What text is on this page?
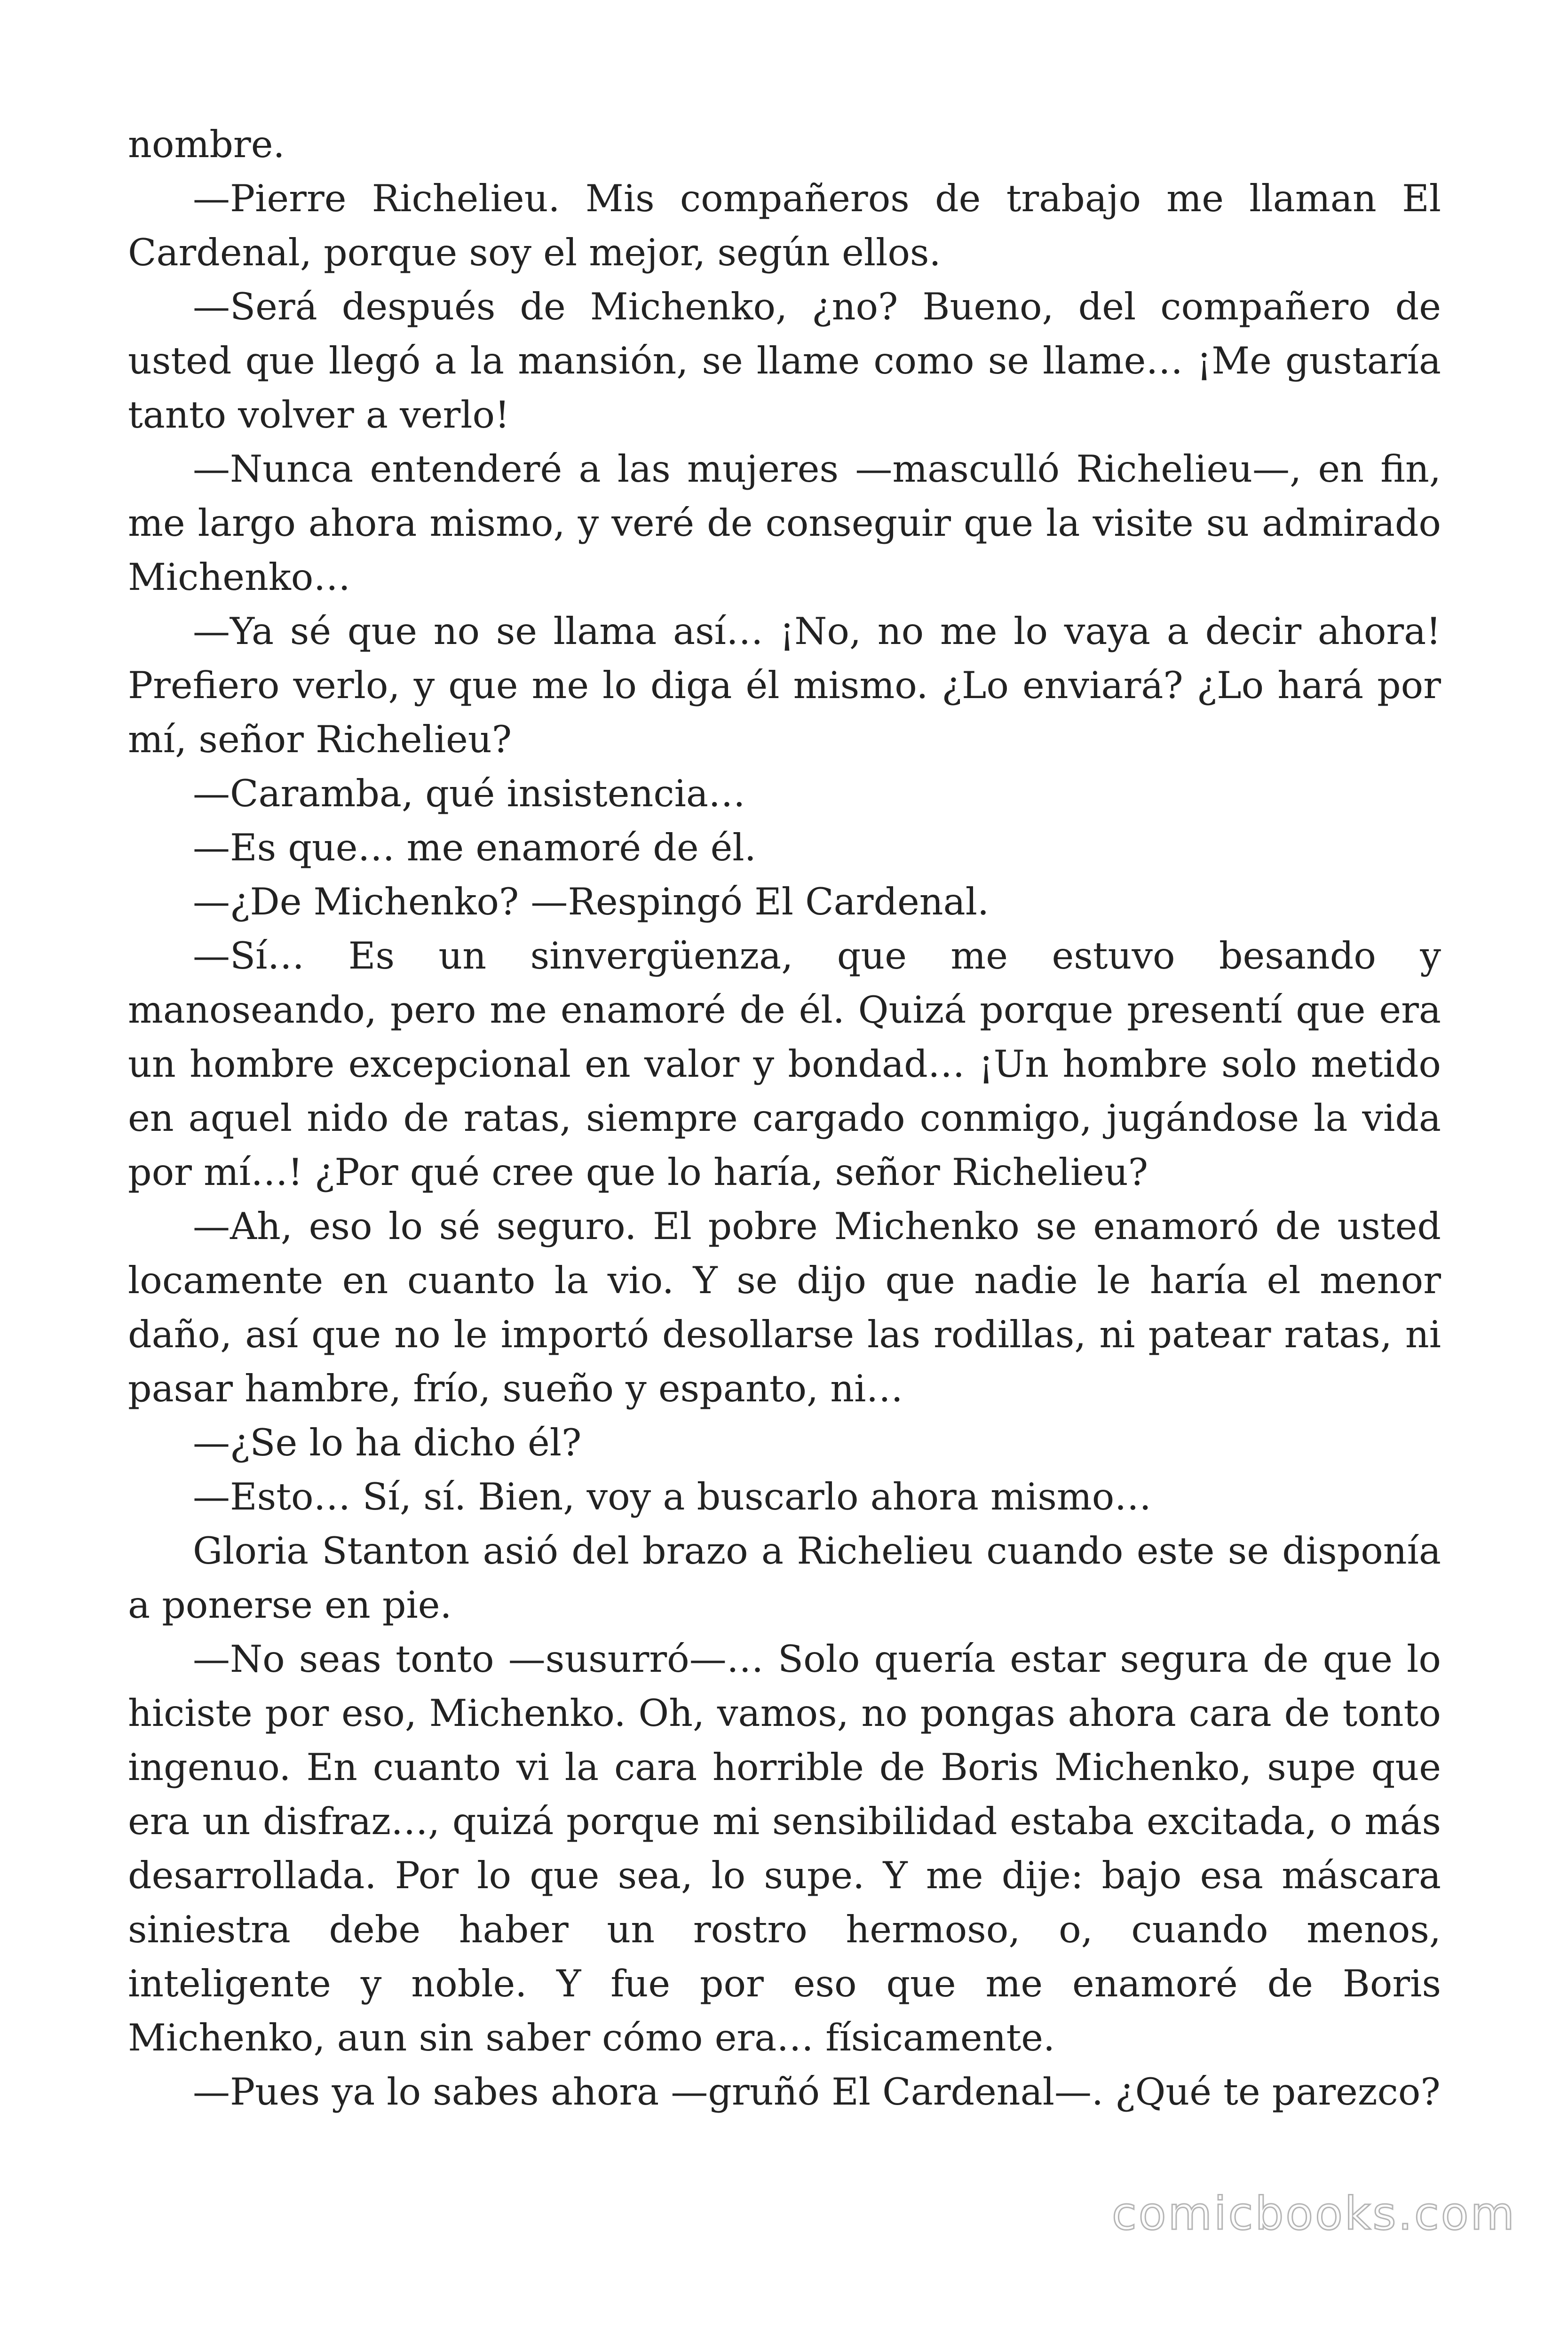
nombre.

—Pierre Richelieu. Mis compañeros de trabajo me llaman El Cardenal, porque soy el mejor, según ellos.

—Será después de Michenko, ¿no? Bueno, del compañero de usted que llegó a la mansión, se llame como se llame… ¡Me gustaría tanto volver a verlo!

—Nunca entenderé a las mujeres —masculló Richelieu—, en fin, me largo ahora mismo, y veré de conseguir que la visite su admirado Michenko…

—Ya sé que no se llama así… ¡No, no me lo vaya a decir ahora! Prefiero verlo, y que me lo diga él mismo. ¿Lo enviará? ¿Lo hará por mí, señor Richelieu?

—Caramba, qué insistencia…

—Es que… me enamoré de él.

—¿De Michenko? —Respingó El Cardenal.

—Sí… Es un sinvergüenza, que me estuvo besando y manoseando, pero me enamoré de él. Quizá porque presentí que era un hombre excepcional en valor y bondad… ¡Un hombre solo metido en aquel nido de ratas, siempre cargado conmigo, jugándose la vida por mí…! ¿Por qué cree que lo haría, señor Richelieu?

—Ah, eso lo sé seguro. El pobre Michenko se enamoró de usted locamente en cuanto la vio. Y se dijo que nadie le haría el menor daño, así que no le importó desollarse las rodillas, ni patear ratas, ni pasar hambre, frío, sueño y espanto, ni…

—¿Se lo ha dicho él?

—Esto… Sí, sí. Bien, voy a buscarlo ahora mismo…

Gloria Stanton asió del brazo a Richelieu cuando este se disponía a ponerse en pie.

—No seas tonto —susurró—… Solo quería estar segura de que lo hiciste por eso, Michenko. Oh, vamos, no pongas ahora cara de tonto ingenuo. En cuanto vi la cara horrible de Boris Michenko, supe que era un disfraz…, quizá porque mi sensibilidad estaba excitada, o más desarrollada. Por lo que sea, lo supe. Y me dije: bajo esa máscara siniestra debe haber un rostro hermoso, o, cuando menos, inteligente y noble. Y fue por eso que me enamoré de Boris Michenko, aun sin saber cómo era… físicamente.

—Pues ya lo sabes ahora —gruñó El Cardenal—. ¿Qué te parezco?

comicbooks.com
